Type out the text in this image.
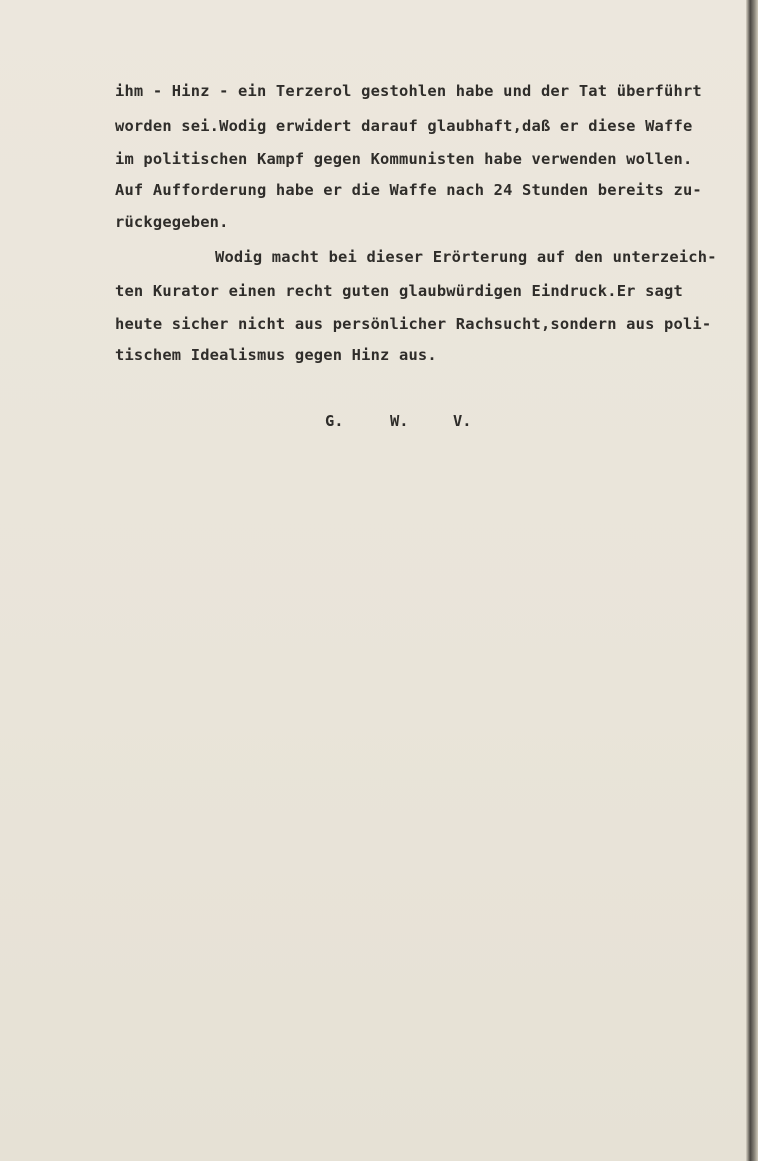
ihm - Hinz - ein Terzerol gestohlen habe und der Tat überführt
worden sei.Wodig erwidert darauf glaubhaft,daß er diese Waffe
im politischen Kampf gegen Kommunisten habe verwenden wollen.
Auf Aufforderung habe er die Waffe nach 24 Stunden bereits zu-
rückgegeben.
Wodig macht bei dieser Erörterung auf den unterzeich-
ten Kurator einen recht guten glaubwürdigen Eindruck.Er sagt
heute sicher nicht aus persönlicher Rachsucht,sondern aus poli-
tischem Idealismus gegen Hinz aus.
G.	W.	V.
